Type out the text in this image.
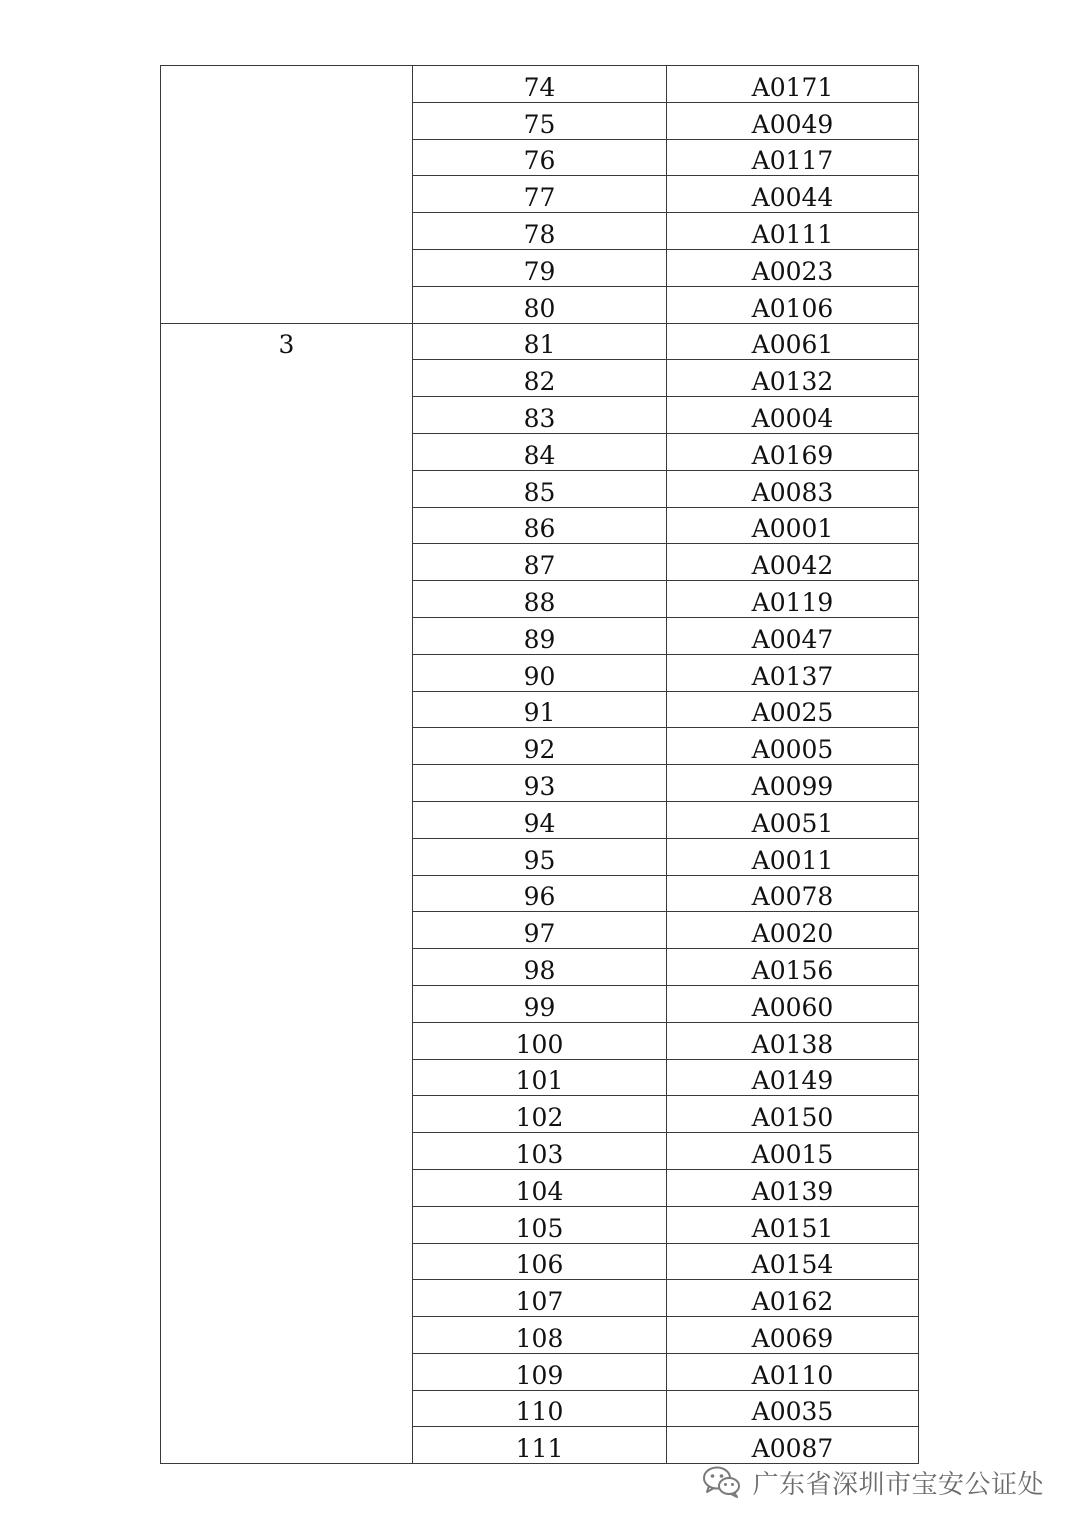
	74	A0171
	75	A0049
	76	A0117
	77	A0044
	78	A0111
	79	A0023
	80	A0106
3	81	A0061
	82	A0132
	83	A0004
	84	A0169
	85	A0083
	86	A0001
	87	A0042
	88	A0119
	89	A0047
	90	A0137
	91	A0025
	92	A0005
	93	A0099
	94	A0051
	95	A0011
	96	A0078
	97	A0020
	98	A0156
	99	A0060
	100	A0138
	101	A0149
	102	A0150
	103	A0015
	104	A0139
	105	A0151
	106	A0154
	107	A0162
	108	A0069
	109	A0110
	110	A0035
	111	A0087
广东省深圳市宝安公证处
